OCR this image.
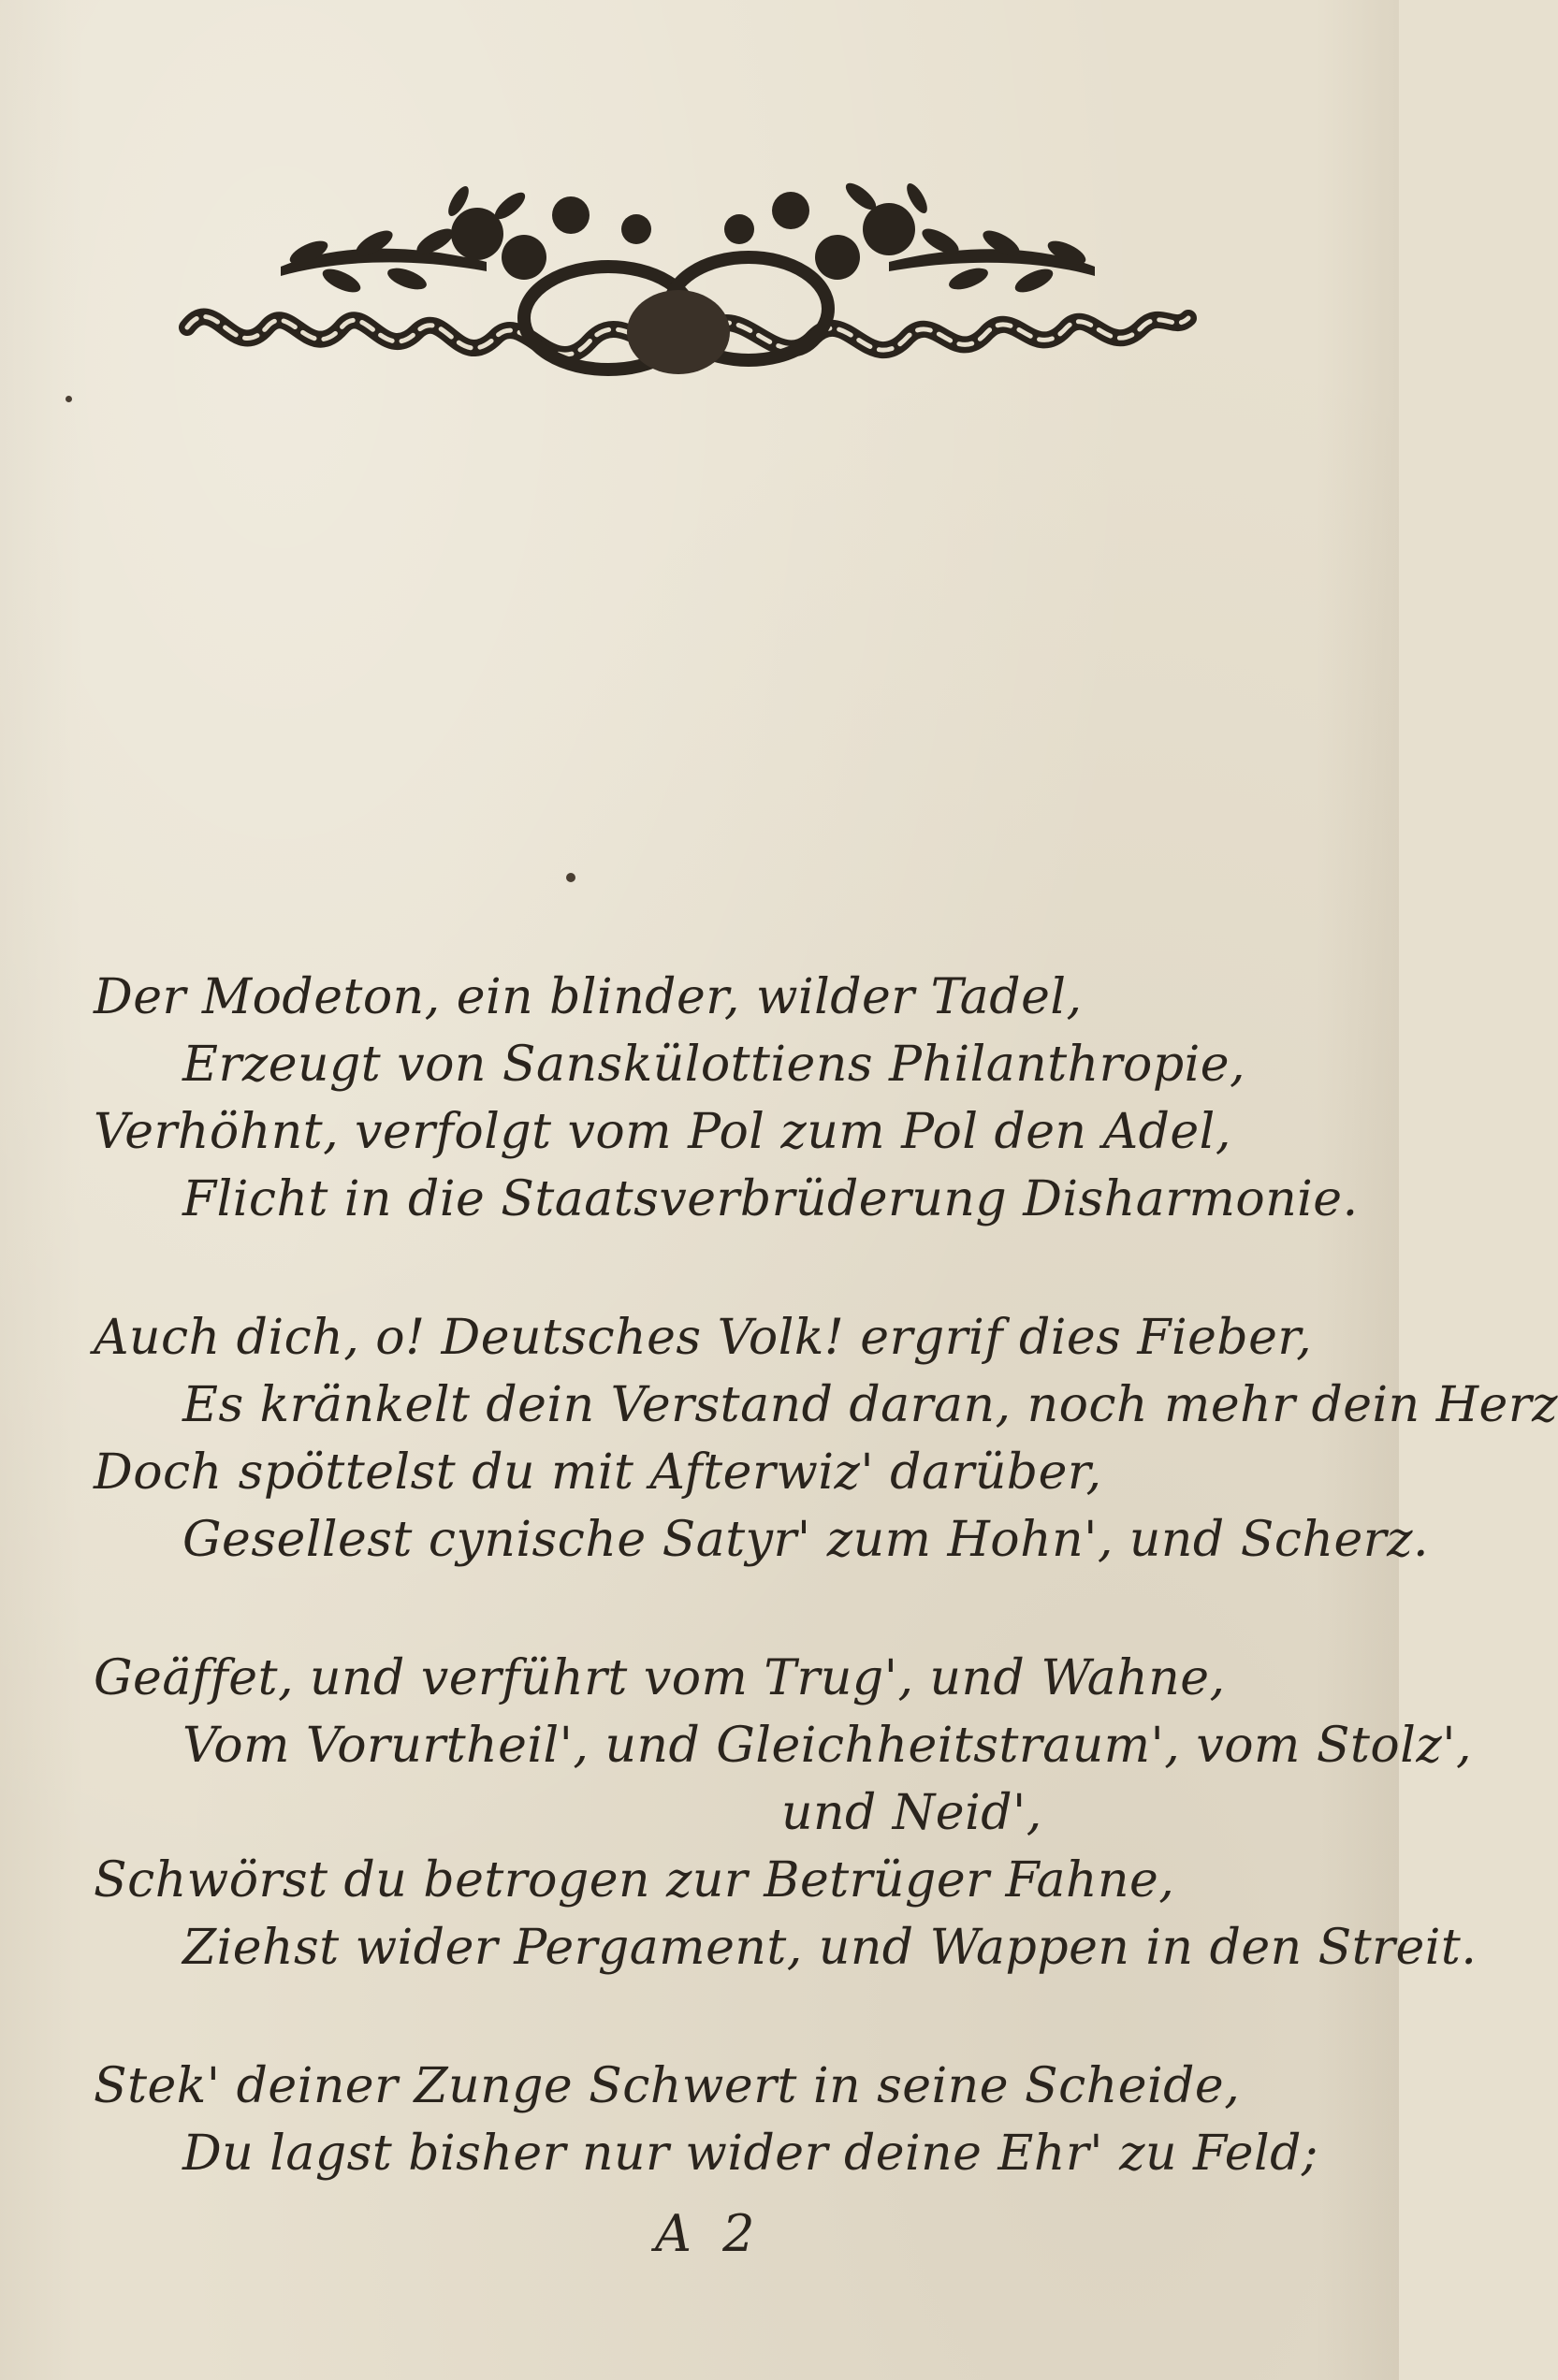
Der Modeton, ein blinder, wilder Tadel,
Erzeugt von Sanskülottiens Philanthropie,
Verhöhnt, verfolgt vom Pol zum Pol den Adel,
Flicht in die Staatsverbrüderung Disharmonie.
Auch dich, o! Deutsches Volk! ergrif dies Fieber,
Es kränkelt dein Verstand daran, noch mehr dein Herz
Doch spöttelst du mit Afterwiz' darüber,
Gesellest cynische Satyr' zum Hohn', und Scherz.
Geäffet, und verführt vom Trug', und Wahne,
Vom Vorurtheil', und Gleichheitstraum', vom Stolz',
und Neid',
Schwörst du betrogen zur Betrüger Fahne,
Ziehst wider Pergament, und Wappen in den Streit.
Stek' deiner Zunge Schwert in seine Scheide,
Du lagst bisher nur wider deine Ehr' zu Feld;
A 2
